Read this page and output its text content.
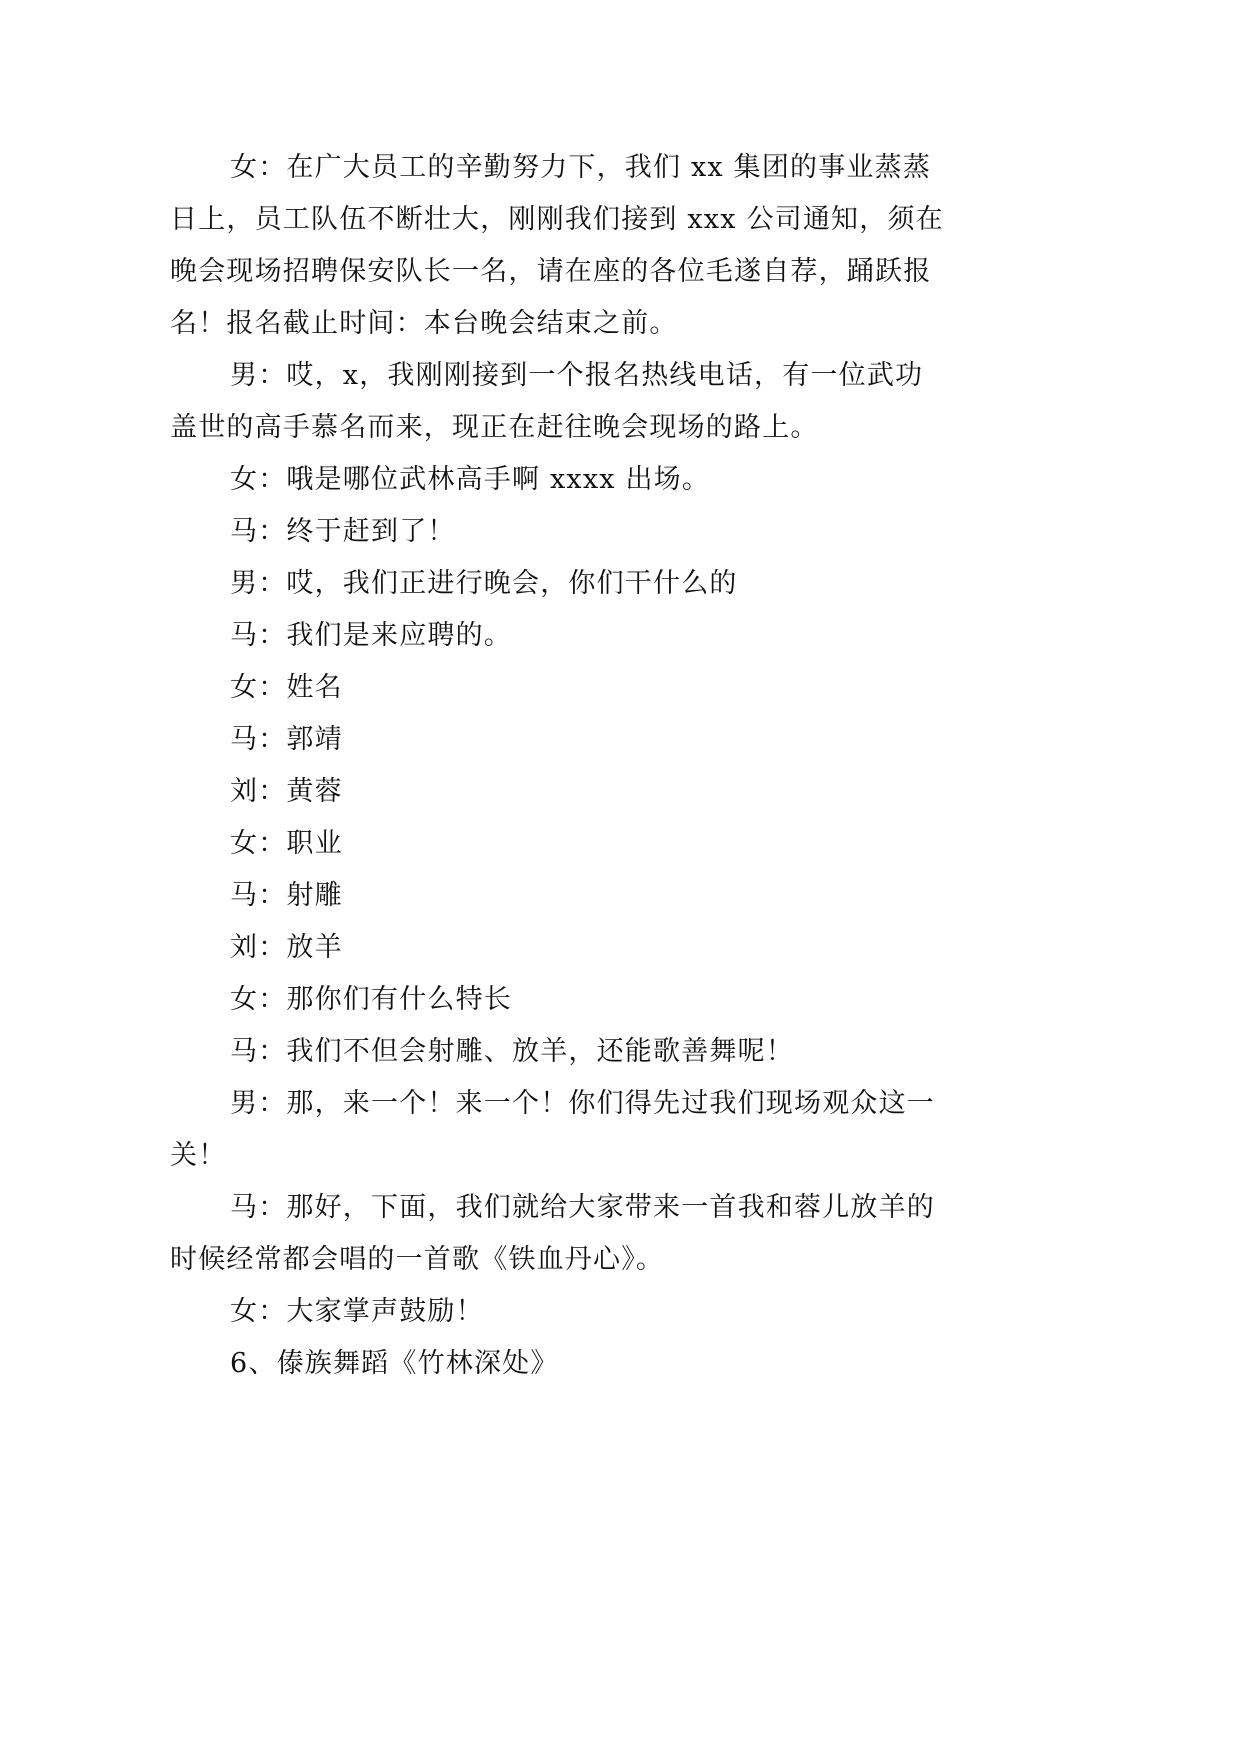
女：在广大员工的辛勤努力下，我们 xx 集团的事业蒸蒸日上，员工队伍不断壮大，刚刚我们接到 xxx 公司通知，须在晚会现场招聘保安队长一名，请在座的各位毛遂自荐，踊跃报名！报名截止时间：本台晚会结束之前。

男：哎，x，我刚刚接到一个报名热线电话，有一位武功盖世的高手慕名而来，现正在赶往晚会现场的路上。

女：哦是哪位武林高手啊 xxxx 出场。

马：终于赶到了！

男：哎，我们正进行晚会，你们干什么的

马：我们是来应聘的。

女：姓名

马：郭靖

刘：黄蓉

女：职业

马：射雕

刘：放羊

女：那你们有什么特长

马：我们不但会射雕、放羊，还能歌善舞呢！

男：那，来一个！来一个！你们得先过我们现场观众这一关！

马：那好，下面，我们就给大家带来一首我和蓉儿放羊的时候经常都会唱的一首歌《铁血丹心》。

女：大家掌声鼓励！

6、傣族舞蹈《竹林深处》
